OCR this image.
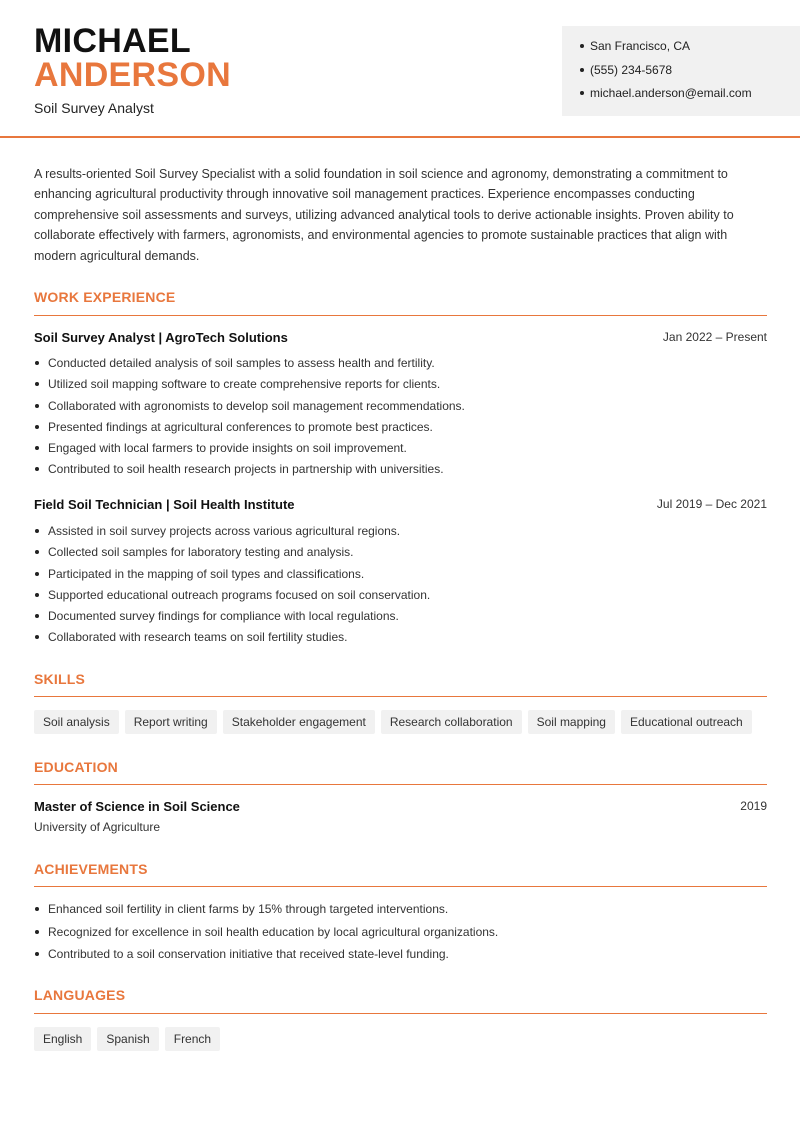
MICHAEL
ANDERSON
Soil Survey Analyst
San Francisco, CA
(555) 234-5678
michael.anderson@email.com

A results-oriented Soil Survey Specialist with a solid foundation in soil science and agronomy, demonstrating a commitment to enhancing agricultural productivity through innovative soil management practices. Experience encompasses conducting comprehensive soil assessments and surveys, utilizing advanced analytical tools to derive actionable insights. Proven ability to collaborate effectively with farmers, agronomists, and environmental agencies to promote sustainable practices that align with modern agricultural demands.

WORK EXPERIENCE
Soil Survey Analyst | AgroTech Solutions	Jan 2022 – Present
Conducted detailed analysis of soil samples to assess health and fertility.
Utilized soil mapping software to create comprehensive reports for clients.
Collaborated with agronomists to develop soil management recommendations.
Presented findings at agricultural conferences to promote best practices.
Engaged with local farmers to provide insights on soil improvement.
Contributed to soil health research projects in partnership with universities.
Field Soil Technician | Soil Health Institute	Jul 2019 – Dec 2021
Assisted in soil survey projects across various agricultural regions.
Collected soil samples for laboratory testing and analysis.
Participated in the mapping of soil types and classifications.
Supported educational outreach programs focused on soil conservation.
Documented survey findings for compliance with local regulations.
Collaborated with research teams on soil fertility studies.
SKILLS
Soil analysis	Report writing	Stakeholder engagement	Research collaboration	Soil mapping	Educational outreach
EDUCATION
Master of Science in Soil Science	2019
University of Agriculture
ACHIEVEMENTS
Enhanced soil fertility in client farms by 15% through targeted interventions.
Recognized for excellence in soil health education by local agricultural organizations.
Contributed to a soil conservation initiative that received state-level funding.
LANGUAGES
English	Spanish	French
